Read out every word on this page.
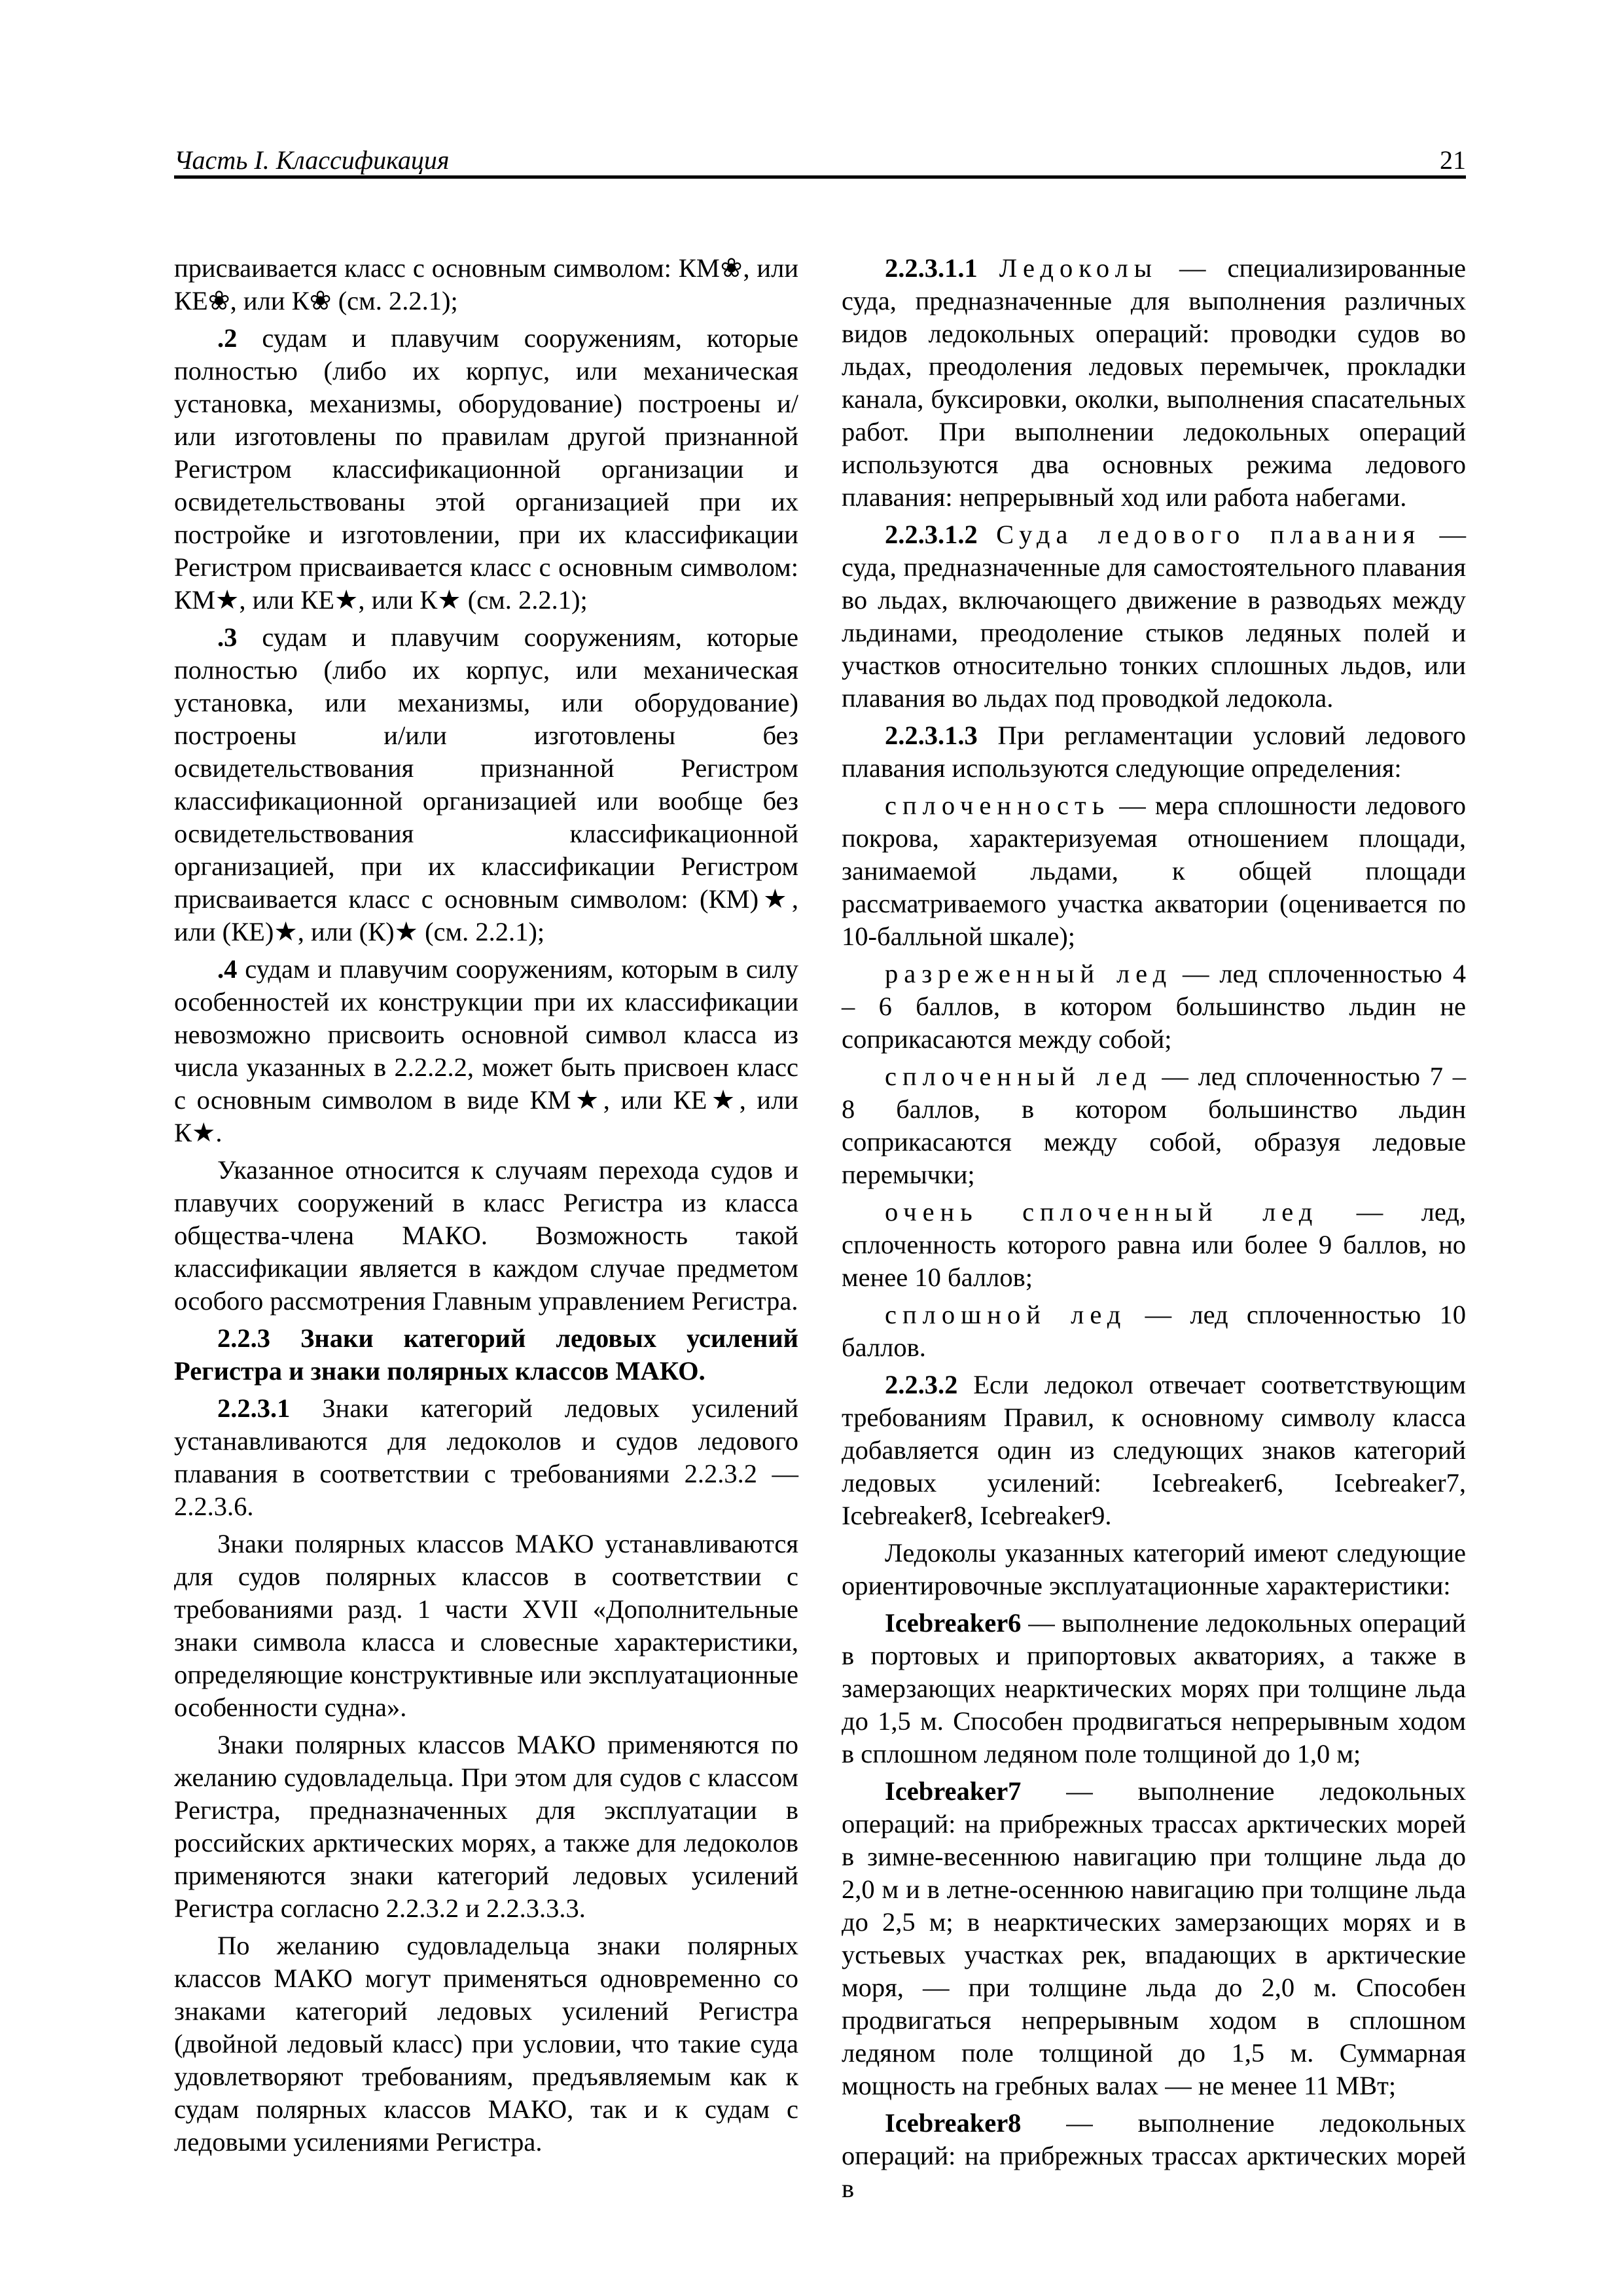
Часть I. Классификация	21

присваивается класс с основным символом: КМ❀, или КЕ❀, или К❀ (см. 2.2.1);

.2 судам и плавучим сооружениям, которые полностью (либо их корпус, или механическая установка, механизмы, оборудование) построены и/или изготовлены по правилам другой признанной Регистром классификационной организации и освидетельствованы этой организацией при их постройке и изготовлении, при их классификации Регистром присваивается класс с основным символом: КМ★, или КЕ★, или К★ (см. 2.2.1);

.3 судам и плавучим сооружениям, которые полностью (либо их корпус, или механическая установка, или механизмы, или оборудование) построены и/или изготовлены без освидетельствования признанной Регистром классификационной организацией или вообще без освидетельствования классификационной организацией, при их классификации Регистром присваивается класс с основным символом: (КМ)★, или (КЕ)★, или (К)★ (см. 2.2.1);

.4 судам и плавучим сооружениям, которым в силу особенностей их конструкции при их классификации невозможно присвоить основной символ класса из числа указанных в 2.2.2.2, может быть присвоен класс с основным символом в виде КМ★, или КЕ★, или К★.

Указанное относится к случаям перехода судов и плавучих сооружений в класс Регистра из класса общества-члена МАКО. Возможность такой классификации является в каждом случае предметом особого рассмотрения Главным управлением Регистра.

2.2.3 Знаки категорий ледовых усилений Регистра и знаки полярных классов МАКО.

2.2.3.1 Знаки категорий ледовых усилений устанавливаются для ледоколов и судов ледового плавания в соответствии с требованиями 2.2.3.2 — 2.2.3.6.

Знаки полярных классов МАКО устанавливаются для судов полярных классов в соответствии с требованиями разд. 1 части XVII «Дополнительные знаки символа класса и словесные характеристики, определяющие конструктивные или эксплуатационные особенности судна».

Знаки полярных классов МАКО применяются по желанию судовладельца. При этом для судов с классом Регистра, предназначенных для эксплуатации в российских арктических морях, а также для ледоколов применяются знаки категорий ледовых усилений Регистра согласно 2.2.3.2 и 2.2.3.3.3.

По желанию судовладельца знаки полярных классов МАКО могут применяться одновременно со знаками категорий ледовых усилений Регистра (двойной ледовый класс) при условии, что такие суда удовлетворяют требованиям, предъявляемым как к судам полярных классов МАКО, так и к судам с ледовыми усилениями Регистра.

2.2.3.1.1 Ледоколы — специализированные суда, предназначенные для выполнения различных видов ледокольных операций: проводки судов во льдах, преодоления ледовых перемычек, прокладки канала, буксировки, околки, выполнения спасательных работ. При выполнении ледокольных операций используются два основных режима ледового плавания: непрерывный ход или работа набегами.

2.2.3.1.2 Суда ледового плавания — суда, предназначенные для самостоятельного плавания во льдах, включающего движение в разводьях между льдинами, преодоление стыков ледяных полей и участков относительно тонких сплошных льдов, или плавания во льдах под проводкой ледокола.

2.2.3.1.3 При регламентации условий ледового плавания используются следующие определения:

сплоченность — мера сплошности ледового покрова, характеризуемая отношением площади, занимаемой льдами, к общей площади рассматриваемого участка акватории (оценивается по 10-балльной шкале);

разреженный лед — лед сплоченностью 4 – 6 баллов, в котором большинство льдин не соприкасаются между собой;

сплоченный лед — лед сплоченностью 7 – 8 баллов, в котором большинство льдин соприкасаются между собой, образуя ледовые перемычки;

очень сплоченный лед — лед, сплоченность которого равна или более 9 баллов, но менее 10 баллов;

сплошной лед — лед сплоченностью 10 баллов.

2.2.3.2 Если ледокол отвечает соответствующим требованиям Правил, к основному символу класса добавляется один из следующих знаков категорий ледовых усилений: Icebreaker6, Icebreaker7, Icebreaker8, Icebreaker9.

Ледоколы указанных категорий имеют следующие ориентировочные эксплуатационные характеристики:

Icebreaker6 — выполнение ледокольных операций в портовых и припортовых акваториях, а также в замерзающих неарктических морях при толщине льда до 1,5 м. Способен продвигаться непрерывным ходом в сплошном ледяном поле толщиной до 1,0 м;

Icebreaker7 — выполнение ледокольных операций: на прибрежных трассах арктических морей в зимне-весеннюю навигацию при толщине льда до 2,0 м и в летне-осеннюю навигацию при толщине льда до 2,5 м; в неарктических замерзающих морях и в устьевых участках рек, впадающих в арктические моря, — при толщине льда до 2,0 м. Способен продвигаться непрерывным ходом в сплошном ледяном поле толщиной до 1,5 м. Суммарная мощность на гребных валах — не менее 11 МВт;

Icebreaker8 — выполнение ледокольных операций: на прибрежных трассах арктических морей в
